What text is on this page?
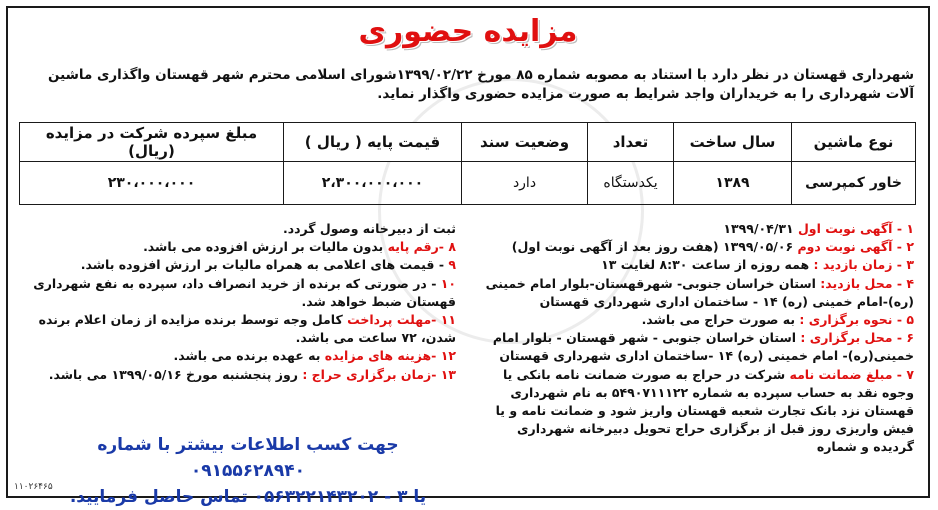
مزایده حضوری
شهرداری قهستان در نظر دارد با استناد به مصوبه شماره ۸۵ مورخ ۱۳۹۹/۰۲/۲۲شورای اسلامی محترم شهر قهستان واگذاری ماشین آلات شهرداری را به خریداران واجد شرایط به صورت مزایده حضوری واگذار نماید.
نوع ماشین	سال ساخت	تعداد	وضعیت سند	قیمت پایه ( ریال )	مبلغ سپرده شرکت در مزایده (ریال)
خاور کمپرسی	۱۳۸۹	یکدستگاه	دارد	۲،۳۰۰،۰۰۰،۰۰۰	۲۳۰،۰۰۰،۰۰۰
۱ - آگهی نوبت اول ۱۳۹۹/۰۴/۳۱
۲ - آگهی نوبت دوم ۱۳۹۹/۰۵/۰۶ (هفت روز بعد از آگهی نوبت اول)
۳ - زمان بازدید : همه روزه از ساعت ۸:۳۰ لغایت ۱۳
۴ - محل بازدید: استان خراسان جنوبی- شهرقهستان-بلوار امام خمینی (ره)-امام خمینی (ره) ۱۴ - ساختمان اداری شهرداری قهستان
۵ - نحوه برگزاری : به صورت حراج می باشد.
۶ - محل برگزاری : استان خراسان جنوبی - شهر قهستان - بلوار امام خمینی(ره)- امام خمینی (ره) ۱۴ -ساختمان اداری شهرداری قهستان
۷ - مبلغ ضمانت نامه شرکت در حراج به صورت ضمانت نامه بانکی یا وجوه نقد به حساب سپرده به شماره ۵۴۹۰۷۱۱۱۲۲ به نام شهرداری قهستان نزد بانک تجارت شعبه قهستان واریز شود و ضمانت نامه و یا فیش واریزی روز قبل از برگزاری حراج تحویل دبیرخانه شهرداری گردیده و شماره
ثبت از دبیرخانه وصول گردد.
۸ -رقم پایه بدون مالیات بر ارزش افزوده می باشد.
۹ - قیمت های اعلامی به همراه مالیات بر ارزش افزوده باشد.
۱۰ - در صورتی که برنده از خرید انصراف داد، سپرده به نفع شهرداری قهستان ضبط خواهد شد.
۱۱ -مهلت پرداخت کامل وجه توسط برنده مزایده از زمان اعلام برنده شدن، ۷۲ ساعت می باشد.
۱۲ -هزینه های مزایده به عهده برنده می باشد.
۱۳ -زمان برگزاری حراج : روز پنجشنبه مورخ ۱۳۹۹/۰۵/۱۶ می باشد.
جهت کسب اطلاعات بیشتر با شماره ۰۹۱۵۵۶۲۸۹۴۰
یا ۳ - ۰۵۶۳۲۲۱۴۳۲۰۲ تماس حاصل فرمایید.
۱۱۰۲۶۴۶۵
